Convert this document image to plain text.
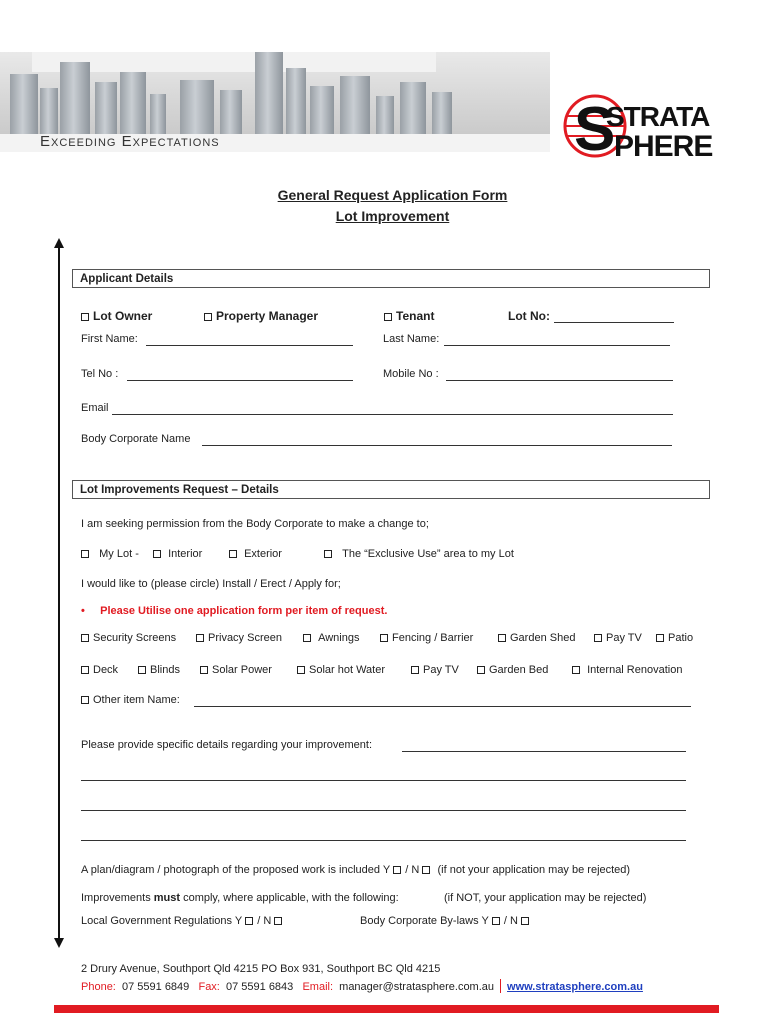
Exceeding Expectations	S
STRATA
PHERE
General Request Application Form
Lot Improvement
Applicant Details
Lot Owner	Property Manager	Tenant	Lot No:
First Name:	Last Name:
Tel No :	Mobile No :
Email
Body Corporate Name
Lot Improvements Request – Details
I am seeking permission from the Body Corporate to make a change to;
My Lot -	Interior	Exterior	The “Exclusive Use” area to my Lot
I would like to (please circle) Install / Erect / Apply for;
• Please Utilise one application form per item of request.
Security Screens	Privacy Screen	Awnings	Fencing / Barrier	Garden Shed	Pay TV	Patio
Deck	Blinds	Solar Power	Solar hot Water	Pay TV	Garden Bed	Internal Renovation
Other item Name:
Please provide specific details regarding your improvement:
A plan/diagram / photograph of the proposed work is included Y / N (if not your application may be rejected)
Improvements must comply, where applicable, with the following:	(if NOT, your application may be rejected)
Local Government Regulations Y / N	Body Corporate By-laws Y / N
2 Drury Avenue, Southport Qld 4215 PO Box 931, Southport BC Qld 4215
Phone: 07 5591 6849 Fax: 07 5591 6843 Email: manager@stratasphere.com.au www.stratasphere.com.au
